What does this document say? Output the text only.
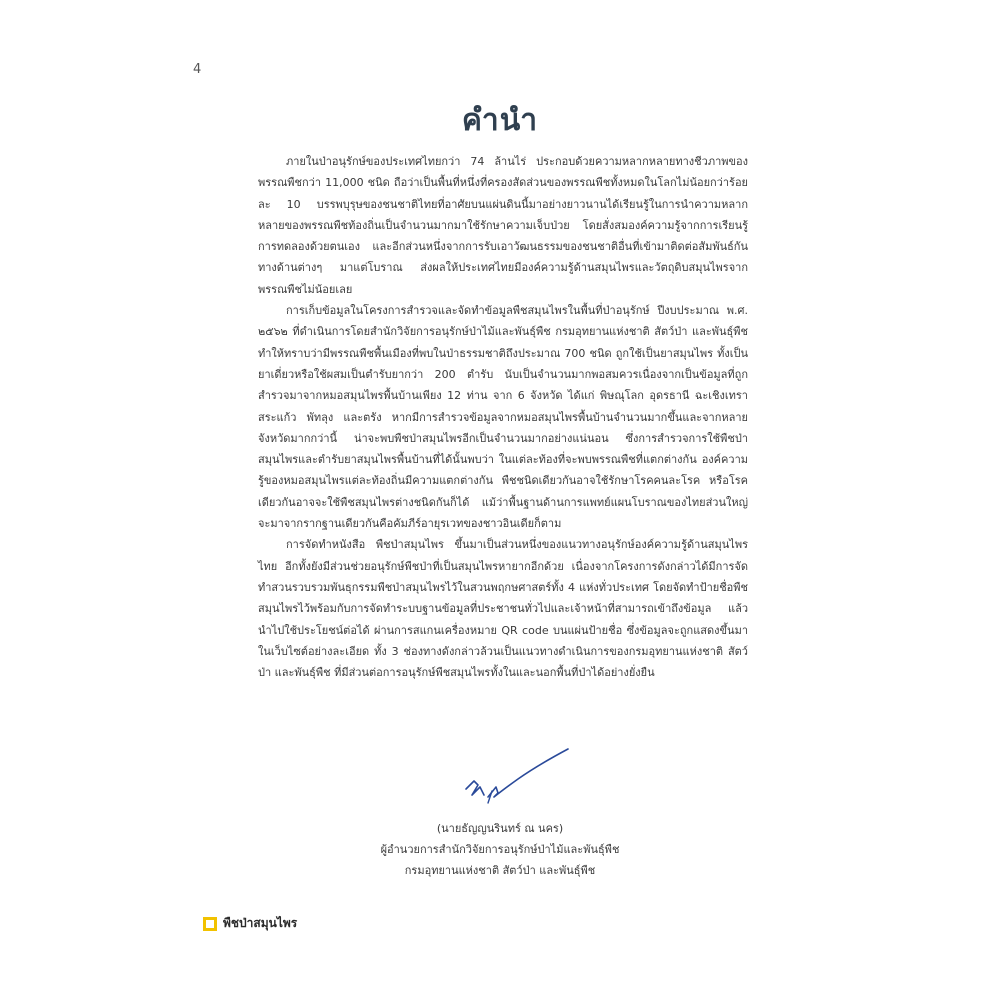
4
คำนำ

ภายในป่าอนุรักษ์ของประเทศไทยกว่า 74 ล้านไร่ ประกอบด้วยความหลากหลายทางชีวภาพของพรรณพืชกว่า 11,000 ชนิด ถือว่าเป็นพื้นที่หนึ่งที่ครองสัดส่วนของพรรณพืชทั้งหมดในโลกไม่น้อยกว่าร้อยละ 10 บรรพบุรุษของชนชาติไทยที่อาศัยบนแผ่นดินนี้มาอย่างยาวนานได้เรียนรู้ในการนำความหลากหลายของพรรณพืชท้องถิ่นเป็นจำนวนมากมาใช้รักษาความเจ็บป่วย โดยสั่งสมองค์ความรู้จากการเรียนรู้การทดลองด้วยตนเอง และอีกส่วนหนึ่งจากการรับเอาวัฒนธรรมของชนชาติอื่นที่เข้ามาติดต่อสัมพันธ์กันทางด้านต่างๆ มาแต่โบราณ ส่งผลให้ประเทศไทยมีองค์ความรู้ด้านสมุนไพรและวัตถุดิบสมุนไพรจากพรรณพืชไม่น้อยเลย

การเก็บข้อมูลในโครงการสำรวจและจัดทำข้อมูลพืชสมุนไพรในพื้นที่ป่าอนุรักษ์ ปีงบประมาณ พ.ศ. ๒๕๖๒ ที่ดำเนินการโดยสำนักวิจัยการอนุรักษ์ป่าไม้และพันธุ์พืช กรมอุทยานแห่งชาติ สัตว์ป่า และพันธุ์พืช ทำให้ทราบว่ามีพรรณพืชพื้นเมืองที่พบในป่าธรรมชาติถึงประมาณ 700 ชนิด ถูกใช้เป็นยาสมุนไพร ทั้งเป็นยาเดี่ยวหรือใช้ผสมเป็นตำรับยากว่า 200 ตำรับ นับเป็นจำนวนมากพอสมควรเนื่องจากเป็นข้อมูลที่ถูกสำรวจมาจากหมอสมุนไพรพื้นบ้านเพียง 12 ท่าน จาก 6 จังหวัด ได้แก่ พิษณุโลก อุดรธานี ฉะเชิงเทรา สระแก้ว พัทลุง และตรัง หากมีการสำรวจข้อมูลจากหมอสมุนไพรพื้นบ้านจำนวนมากขึ้นและจากหลายจังหวัดมากกว่านี้ น่าจะพบพืชป่าสมุนไพรอีกเป็นจำนวนมากอย่างแน่นอน ซึ่งการสำรวจการใช้พืชป่าสมุนไพรและตำรับยาสมุนไพรพื้นบ้านที่ได้นั้นพบว่า ในแต่ละท้องที่จะพบพรรณพืชที่แตกต่างกัน องค์ความรู้ของหมอสมุนไพรแต่ละท้องถิ่นมีความแตกต่างกัน พืชชนิดเดียวกันอาจใช้รักษาโรคคนละโรค หรือโรคเดียวกันอาจจะใช้พืชสมุนไพรต่างชนิดกันก็ได้ แม้ว่าพื้นฐานด้านการแพทย์แผนโบราณของไทยส่วนใหญ่จะมาจากรากฐานเดียวกันคือคัมภีร์อายุรเวทของชาวอินเดียก็ตาม

การจัดทำหนังสือ พืชป่าสมุนไพร ขึ้นมาเป็นส่วนหนึ่งของแนวทางอนุรักษ์องค์ความรู้ด้านสมุนไพรไทย อีกทั้งยังมีส่วนช่วยอนุรักษ์พืชป่าที่เป็นสมุนไพรหายากอีกด้วย เนื่องจากโครงการดังกล่าวได้มีการจัดทำสวนรวบรวมพันธุกรรมพืชป่าสมุนไพรไว้ในสวนพฤกษศาสตร์ทั้ง 4 แห่งทั่วประเทศ โดยจัดทำป้ายชื่อพืชสมุนไพรไว้พร้อมกับการจัดทำระบบฐานข้อมูลที่ประชาชนทั่วไปและเจ้าหน้าที่สามารถเข้าถึงข้อมูล แล้วนำไปใช้ประโยชน์ต่อได้ ผ่านการสแกนเครื่องหมาย QR code บนแผ่นป้ายชื่อ ซึ่งข้อมูลจะถูกแสดงขึ้นมาในเว็บไซต์อย่างละเอียด ทั้ง 3 ช่องทางดังกล่าวล้วนเป็นแนวทางดำเนินการของกรมอุทยานแห่งชาติ สัตว์ป่า และพันธุ์พืช ที่มีส่วนต่อการอนุรักษ์พืชสมุนไพรทั้งในและนอกพื้นที่ป่าได้อย่างยั่งยืน

(นายธัญญนรินทร์ ณ นคร)
ผู้อำนวยการสำนักวิจัยการอนุรักษ์ป่าไม้และพันธุ์พืช
กรมอุทยานแห่งชาติ สัตว์ป่า และพันธุ์พืช
พืชป่าสมุนไพร
